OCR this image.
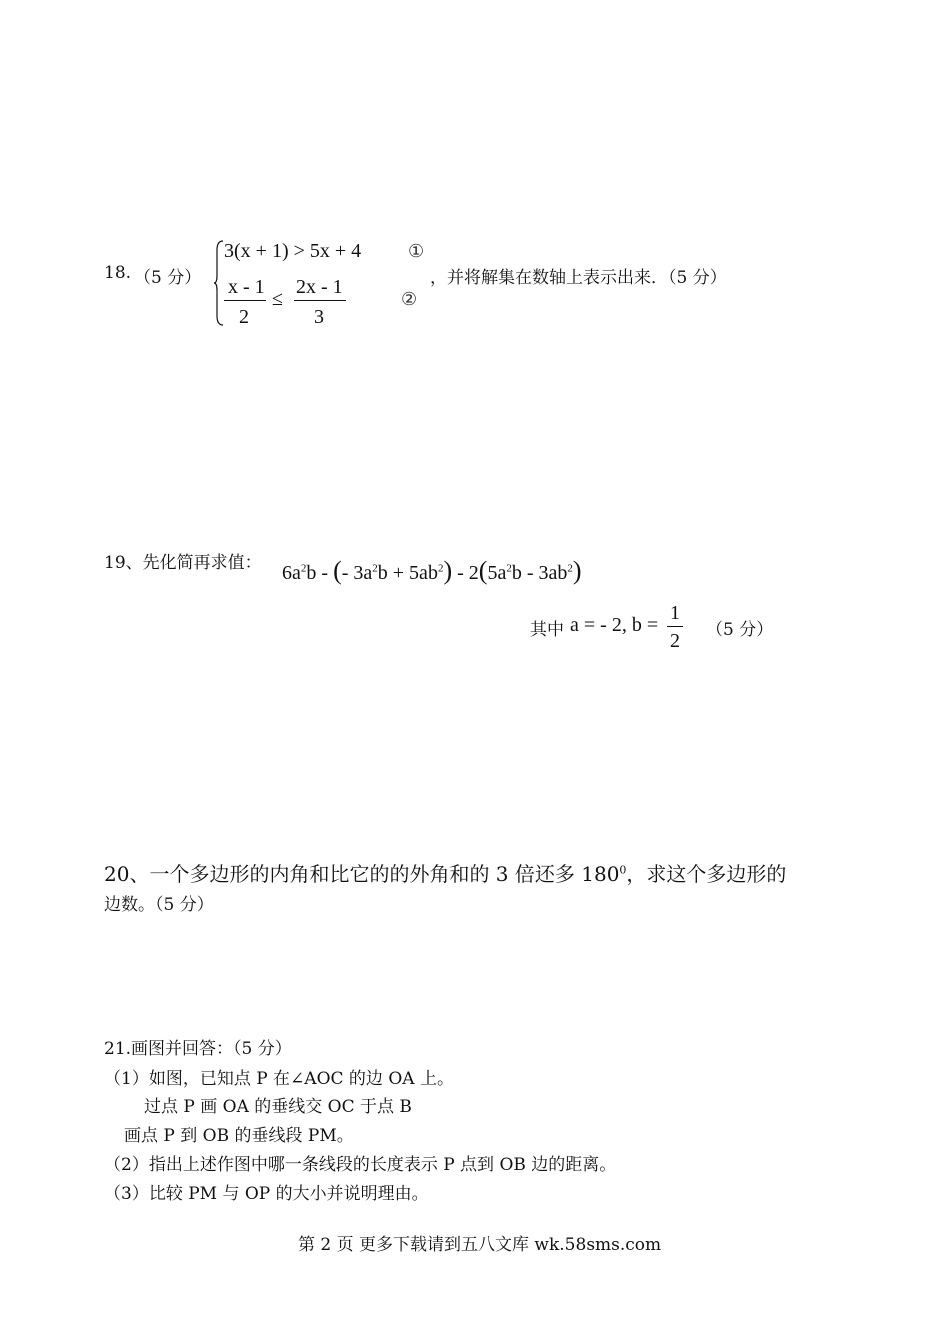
18. （5 分）
3(x + 1) > 5x + 4	①
x - 1
2
≤
2x - 1
3
②
，并将解集在数轴上表示出来．（5 分）
19、先化简再求值： $6a^2b$ - (- $3a^2b + 5ab^2) - 2(5a^2b - 3ab^2)$
其中 a = - 2, b =
1
2 （5 分）
20、一个多边形的内角和比它的的外角和的 3 倍还多 $180^0$，求这个多边形的
边数。（5 分）
21.画图并回答：（5 分）
（1）如图，已知点 P 在∠AOC 的边 OA 上。
过点 P 画 OA 的垂线交 OC 于点 B
画点 P 到 OB 的垂线段 PM。
（2）指出上述作图中哪一条线段的长度表示 P 点到 OB 边的距离。
（3）比较 PM 与 OP 的大小并说明理由。
第 2 页 更多下载请到五八文库 wk.58sms.com
